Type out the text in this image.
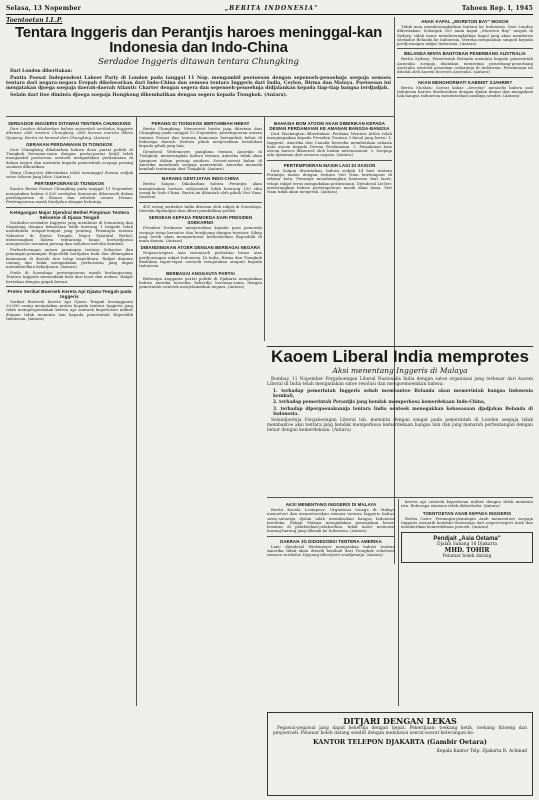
Selasa, 13 Nopember	„BERITA INDONESIA"	Tahoen Rep. I, 1945
Toentoetan I.L.P.
Tentara Inggeris dan Perantjis haroes meninggal-kan Indonesia dan Indo-China
Serdadoe Inggeris ditawan tentara Chungking
Dari London diberitakan:
Pantia Poesat Independent Laboer Party di London pada tanggal 11 Nop. mengambil poetoesan dengan sepenoeh-penoehnja soepaja semoea tentara dari negara-negara Eropah dikeloearkan dari Indo-China dan semoea tentara Inggeris dari India, Ceylon, Birma dan Malaya. Poetoesan ini menjatakan djoega soepaja daerah-daerah Atlantic Charter dengan segera dan sepenoeh-penoehnja didjalankan kepada tiap-tiap bangsa terdjadjah.
Selain dari itoe diminta djoega soepaja Hongkong dikembalikan dengan segera kepada Tiongkok. (Antara).
SERDADOE INGGERIS DITAWAN TENTERA CHUNGKING

Dari London dikabarkan bahwa sejoemlah serdadoe Inggeris ditawan oleh tentera Chungking, oleh karena mereka dikira Djepang. Berita ini berasal dari Chungking. (Antara)

GERAKAN PERDAMAIAN DI TIONGKOK

Dari Chungking dikabarkan bahwa doea partai politik di Tiongkok bersama-sama dengan partai-partai ketjil telah mengambil poetoesan oentoek mengadakan perdamaian di dalam negeri dan meminta kepada pemerintah soepaja perang saudara dihentikan.

Wang Ching-wei diberitakan telah meninggal doenia sedjak satoe tahoen jang laloe. (Antara)

PERTEMPOERAN DI TIONGKOK

Kantor Berita Poesat Chungking pada tanggal 11 Nopember menjatakan bahwa 6.500 serdadoe Komoenis diboenoeh dalam pertempoeran di Shansi dan sebelah oetara Honan. Pertempoeran masih berdjalan dengan hebatnja.

Ketegangan Major Djendral Bethel Pimpinan Tentera Sekoetoe di Djawa Tengah

Serdadoe-serdadoe Inggeris jang mendarat di Semarang dan Magelang dengan kekoeatan lebih koerang 1 brigade telah menduduki tempat-tempat jang penting. Pemimpin tentara Sekoetoe di Djawa Tengah, Major Djendral Bethel, menerangkan bahwa tentaranja hanja bertoedjoean mengoeroes tawanan perang dan melaloei mereka kembali.

Perhoeboengan antara pemimpin tentara Sekoetoe dan pemimpin-pemimpin Repoeblik berdjalan baik dan diharapkan keamanan di daerah itoe tetap terpelihara. Rakjat diminta tenang dan tidak mengadakan perboeatan jang dapat menimboelkan kekatjauan. (Antara)

Poela di Soerabaja pertempoeran masih berlangsoeng. Tentara Inggeris menembaki kota dari laoet dan oedara. Rakjat bertahan dengan gagah berani.

Protes Serikat Boeroeh Kereta Api Djawa-Tengah pada Inggeris

Serikat Boeroeh Kereta Api Djawa Tengah beranggauta 20.000 orang menjatakan protes kepada tentara Inggeris jang telah mempergoenakan kereta api oentoek keperloean militer dengan tidak meminta izin kepada pemerintah Repoeblik Indonesia. (Antara)

PERANG DI TIONGKOK BERTAMBAH HEBAT

Berita Chungking: Menoeroet berita jang diterima dari Chungking pada tanggal 12 Nopember, pertempoeran antara tentara Poesat dan tentara Komoenis bertambah hebat di beberapa daerah. Kedoea pihak menjerahkan kesalahan kepada pihak jang lain.

Djenderal Wedemeyer, panglima tentara Amerika di Tiongkok, menerangkan bahwa tentara Amerika tidak akan tjampoer dalam perang saudara. Soerat-soerat kabar di Amerika mendesak soepaja pemerintah Amerika menarik kembali tentaranja dari Tiongkok. (Antara)

BARANG GENTJATAN INDO-CHINA

Berita Saigon: Dikabarkan bahwa Perantjis akan mengirimkan tentara sedjoemlah lebih koerang 100 ribu orang ke Indo-China. Berita ini dibantah oleh pihak Viet Nam. (Antara)

450 orang serdadoe India ditawan oleh rakjat di Soerabaja. Mereka dipeladjari dan diberi pendidikan politik.

SEROEAN KEPADA PEMOEDA DARI PRESIDEN SOEKARNO

Presiden Soekarno menjeroekan kepada para pemoeda soepaja tetap bersatoe dan berdjoang dengan teratoer. Sikap jang tertib akan memperkoeat kedoedoekan Repoeblik di mata doenia. (Antara)

DIBANDINGKAN ATOER DENGAN BERBAGAI NEGARA

Negara-negara Asia menaroeh perhatian besar atas perdjoeangan rakjat Indonesia. Di India, Birma dan Tiongkok diadakan rapat-rapat oentoek menjatakan simpati kepada Indonesia.

BERBAGAI ANGGAUTA PARTAI

Beberapa anggauta partai politik di Djakarta menjatakan bahwa mereka bersedia bekerdja bersama-sama dengan pemerintah oentoek menjelamatkan negara. (Antara)

BAHASIA BOM ATOOM AKAN DIBERIKAN KEPADA DEWAN PERDAMAIAN KE AMANAN BANGSA-BANGSA

Dari Washington diberitakan: Perdana Menteri Attlee telah menjampaikan kepada Presiden Truman 3 fatsal jang berisi: 1. Inggeris, Amerika dan Canada bersedia memberikan rahasia bom atoom kepada Dewan Perdamaian. 2. Pemakaian bom atoom haroes dikontrol oleh badan internasional. 3. Soepaja ada djaminan dari semoea negara. (Antara)

PERTEMPOERAN MASIH LAGI DI SAIGON

Dari Saigon diwartakan, bahwa sedjak 14 hari tentara Perantjis maloe dengan tentara Viet Nam bertempoer di sekitar kota. Perantjis mendatangkan bantoean dari laoet, tetapi rakjat terus mengadakan perlawanan. Djenderal Leclerc menerangkan bahwa pertempoeran masih akan lama. Viet Nam tidak akan menjerah. (Antara)

ANAK KAPAL „MORETON BAY" MOGOK

Tidak mau memberangkatkan tentara ke Indonesia. Dari London diberitakan: Sebanjak 200 anak kapal „Moreton Bay" mogok di Sydney, tidak maoe memberangkatkan kapal jang akan membawa serdadoe Belanda ke Indonesia. Mereka menjatakan simpati kepada perdjoeangan rakjat Indonesia. (Antara)

BELANDA MINTA BANTOEAN PENERBANG AUSTRALIA

Berita Sydney: Pemerintah Belanda meminta kepada pemerintah Australia soepaja diizinkan menerima penerbang-penerbang Australia oentoek pasoekan oedaranja di Indonesia. Permintaan ini ditolak oleh kaoem boeroeh Australia. (Antara)

AKAN MENGHORMATI KABINET SJAHRIR?

Berita Moskou: Soerat kabar „Izvestia" menoelis bahwa soal Indonesia haroes diselesaikan dengan djalan damai dan mengakoei hak bangsa Indonesia menentoekan nasibnja sendiri. (Antara)

Kaoem Liberal India memprotes
Aksi menentang Inggeris di Malaya

Bombay, 11 Nopember Fergaboengan Liberal Nasionalis India dengan satoe organisasi jang terbesar dari kaoem Liberal di India telah mengadakan satoe resolusi dan mengoemoemkan bahwa:

1. terhadap pemerintah Inggeris sebab membantoe Belanda akan memerintah bangsa Indonesia kembali,

2. terhadap pemerintah Perantjis jang hendak memperkosa kemerdekaan Indo-China,

3. terhadap dipergoenakannja tentara India oentoek menegakkan kekoeasaan djadjahan Belanda di Indonesia.

Selandjoetnja Fergaboengan Liberal tsb. meminta dengan sangat pada pemerintah di London soepaja tidak membantoe aksi tentara jang hendak memperkosa kemerdekaan bangsa lain dan jang menaroh pertentangan dengan benar dengan kemerdekaan. (Antara)

AKSI MENENTANG INGGERIS DI MALAYA

Berita Koeala Loempoer: Organisasi tenaga di Malaya menoetoet dan memoetoeskan semoea tentara Inggeris bahwa satoe-satoenja djalan ialah membiarkan bangsa Indonesia merdeka. Rakjat Malaya mengadakan pemogokan besar-besaran di pelaboehan-pelaboehan, tidak maoe memoeat barang-barang jang dikirim ke Indonesia. (Antara)

DAERAH JG DIDOEDOEKI TENTERA AMERIKA

Lain: djenderal Wedemeyer menjatakan bahwa tentara Amerika tidak akan ditarik kembali dari Tiongkok sebeloem semoea serdadoe Djepang diloetjoeti sendjatanja. (Antara)

kereta api oentoek keperloean militer dengan tidak meminta izin. Beberapa stasioen telah didoedoeki. (Antara)

TOENTOETAN ASAB KEPADA INGGERIS

Berita Cairo: Pemimpin-pemimpin Arab menoentoet soepaja Inggeris menarik kembali tentaranja dari negeri-negeri Arab dan memberikan kemerdekaan penoeh. (Antara)

Pendjait „Asia Oetama"
Djalan Sabang 16 Djakarta
MHD. TOHIR
Pelamar boleh datang
DITJARI DENGAN LEKAS

Pegawai-pegawai jang dapat bekerdja dengan tjepat. Pekerdjaan: toekang ketik, toekang hitoeng dan penjoeroeh. Pelamar boleh datang sendiri dengan membawa soerat-soerat keterangan ke:

KANTOR TELEPON DJAKARTA (Gambir Oetara)
Kepala Kantor Telp. Djakarta R. Achmad
